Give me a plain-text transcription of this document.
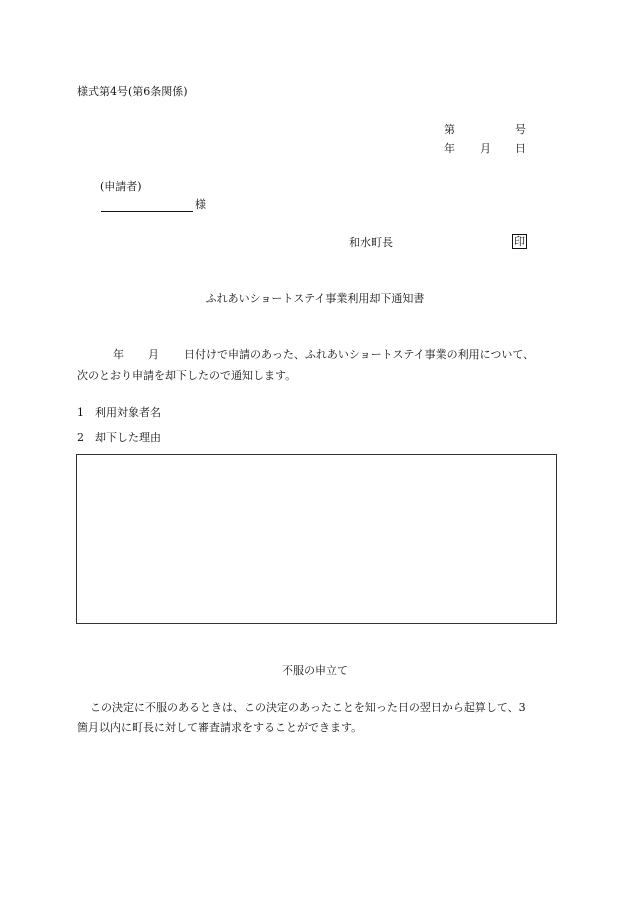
様式第4号(第6条関係)
第	号
年 月 日
(申請者)
様
和水町長	印
ふれあいショートステイ事業利用却下通知書
年 月 日付けで申請のあった、ふれあいショートステイ事業の利用について、
次のとおり申請を却下したので通知します。
1　利用対象者名
2　却下した理由
不服の申立て
この決定に不服のあるときは、この決定のあったことを知った日の翌日から起算して、3
箇月以内に町長に対して審査請求をすることができます。
